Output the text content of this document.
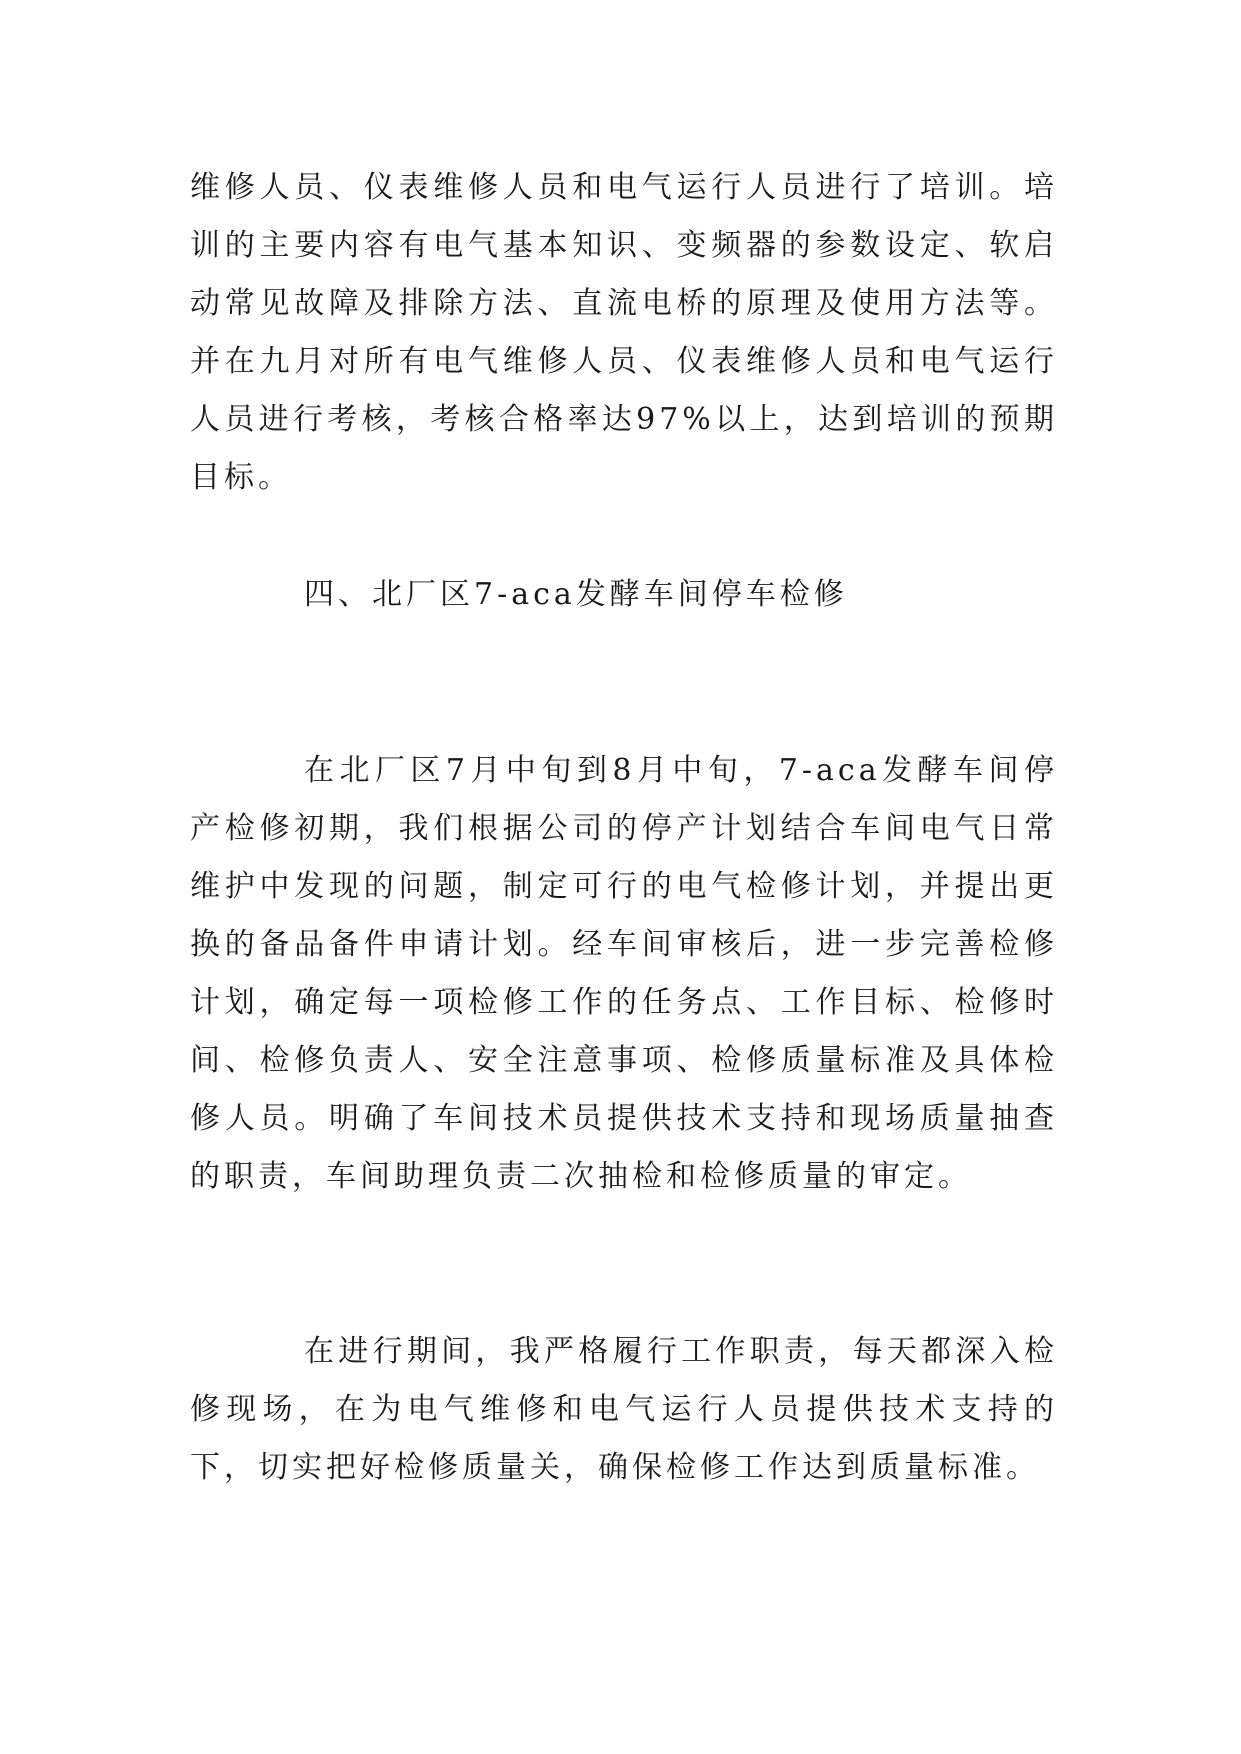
维修人员、仪表维修人员和电气运行人员进行了培训。培训的主要内容有电气基本知识、变频器的参数设定、软启动常见故障及排除方法、直流电桥的原理及使用方法等。并在九月对所有电气维修人员、仪表维修人员和电气运行人员进行考核，考核合格率达97%以上，达到培训的预期目标。

四、北厂区7-aca发酵车间停车检修

在北厂区7月中旬到8月中旬，7-aca发酵车间停产检修初期，我们根据公司的停产计划结合车间电气日常维护中发现的问题，制定可行的电气检修计划，并提出更换的备品备件申请计划。经车间审核后，进一步完善检修计划，确定每一项检修工作的任务点、工作目标、检修时间、检修负责人、安全注意事项、检修质量标准及具体检修人员。明确了车间技术员提供技术支持和现场质量抽查的职责，车间助理负责二次抽检和检修质量的审定。

在进行期间，我严格履行工作职责，每天都深入检修现场，在为电气维修和电气运行人员提供技术支持的下，切实把好检修质量关，确保检修工作达到质量标准。
